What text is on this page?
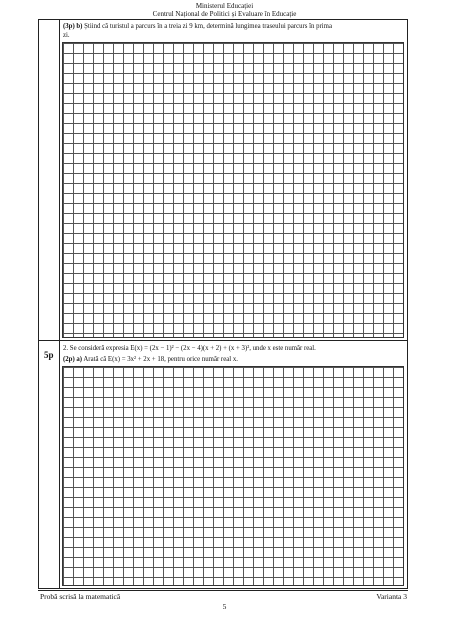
Ministerul Educației
Centrul Național de Politici și Evaluare în Educație
(3p) b) Știind că turistul a parcurs în a treia zi 9 km, determină lungimea traseului parcurs în prima
zi.
5p
2. Se consideră expresia E(x) = (2x − 1)² − (2x − 4)(x + 2) + (x + 3)², unde x este număr real.
(2p) a) Arată că E(x) = 3x² + 2x + 18, pentru orice număr real x.
Probă scrisă la matematică	Varianta 3
5
